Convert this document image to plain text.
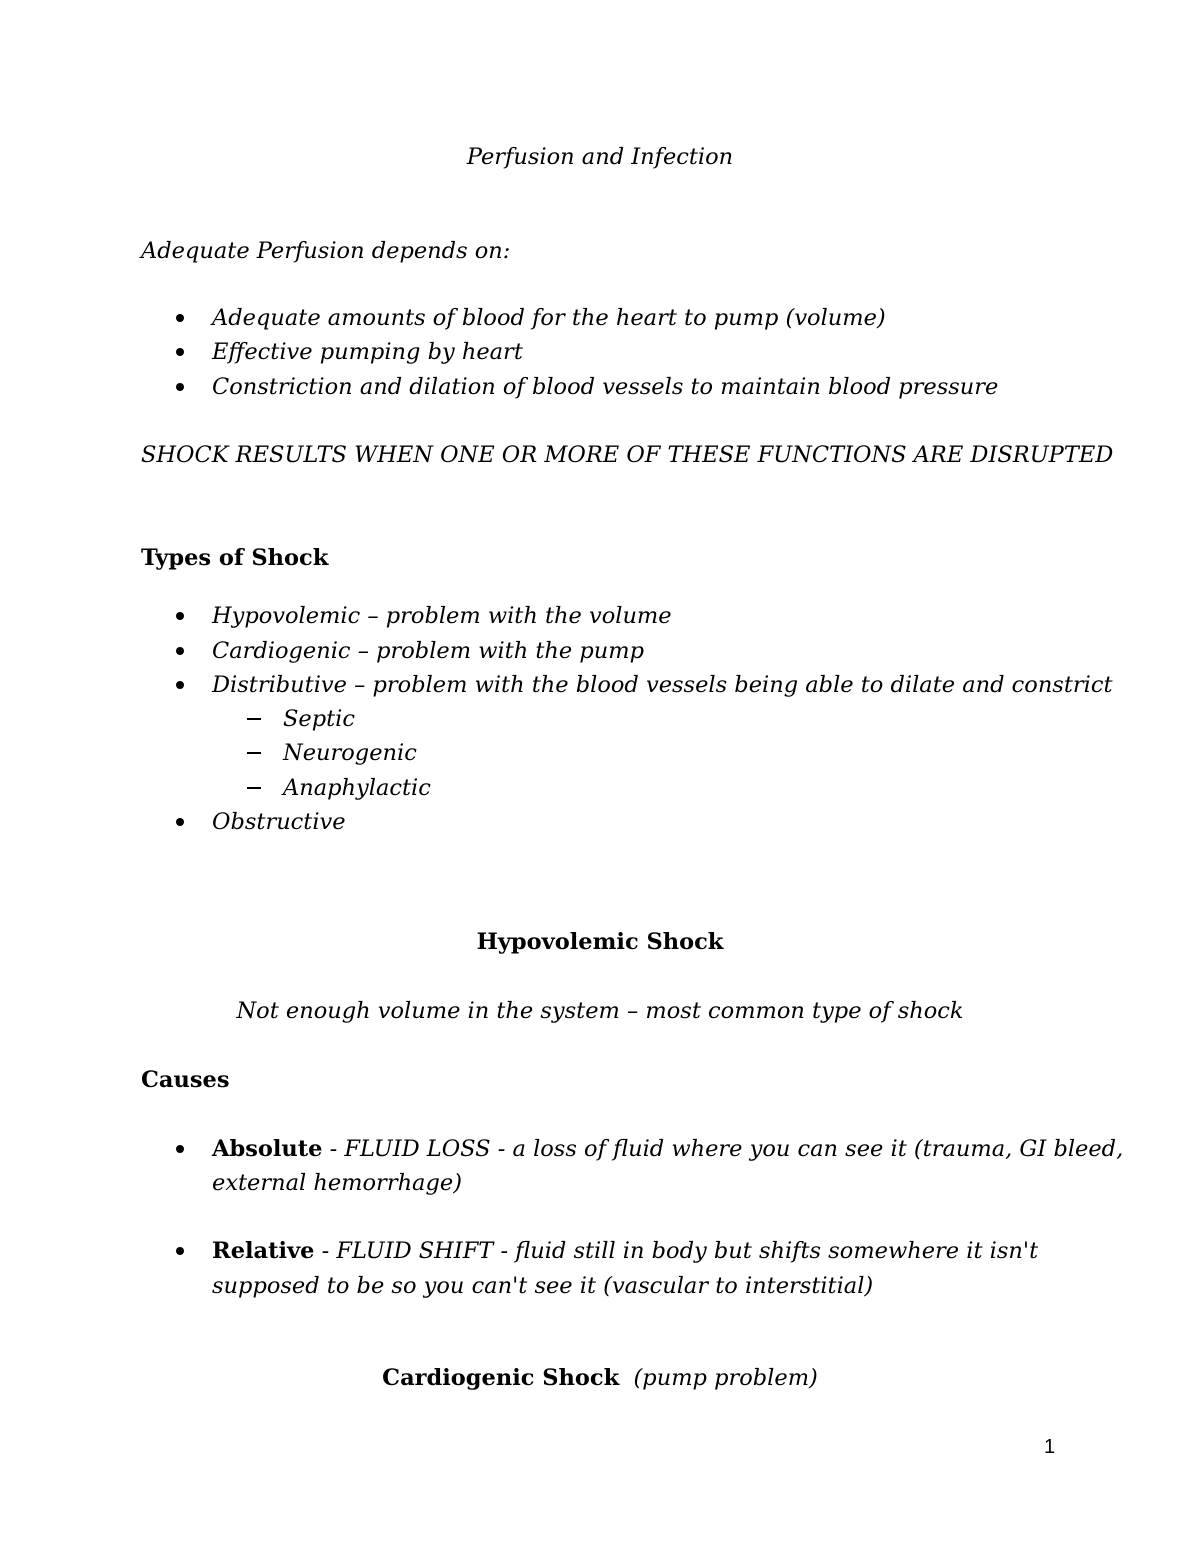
Perfusion and Infection
Adequate Perfusion depends on:
Adequate amounts of blood for the heart to pump (volume)
Effective pumping by heart
Constriction and dilation of blood vessels to maintain blood pressure
SHOCK RESULTS WHEN ONE OR MORE OF THESE FUNCTIONS ARE DISRUPTED
Types of Shock
Hypovolemic – problem with the volume
Cardiogenic – problem with the pump
Distributive – problem with the blood vessels being able to dilate and constrict
Septic
Neurogenic
Anaphylactic
Obstructive
Hypovolemic Shock
Not enough volume in the system – most common type of shock
Causes
Absolute - FLUID LOSS - a loss of fluid where you can see it (trauma, GI bleed,
external hemorrhage)
Relative - FLUID SHIFT - fluid still in body but shifts somewhere it isn't
supposed to be so you can't see it (vascular to interstitial)
Cardiogenic Shock (pump problem)
1
